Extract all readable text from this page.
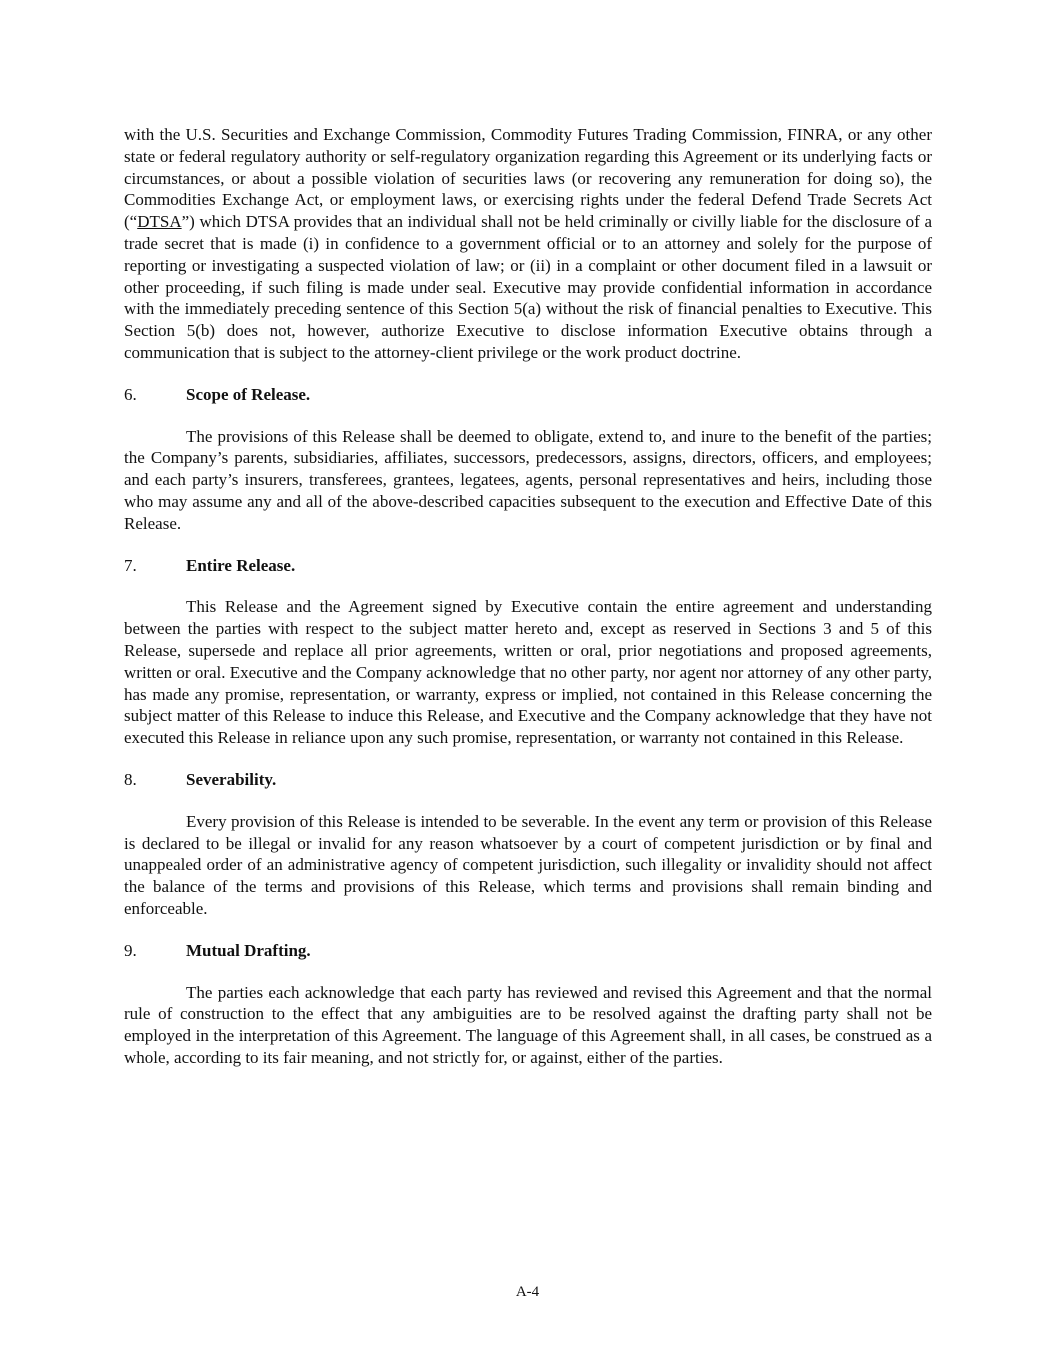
with the U.S. Securities and Exchange Commission, Commodity Futures Trading Commission, FINRA, or any other state or federal regulatory authority or self-regulatory organization regarding this Agreement or its underlying facts or circumstances, or about a possible violation of securities laws (or recovering any remuneration for doing so), the Commodities Exchange Act, or employment laws, or exercising rights under the federal Defend Trade Secrets Act (“DTSA”) which DTSA provides that an individual shall not be held criminally or civilly liable for the disclosure of a trade secret that is made (i) in confidence to a government official or to an attorney and solely for the purpose of reporting or investigating a suspected violation of law; or (ii) in a complaint or other document filed in a lawsuit or other proceeding, if such filing is made under seal. Executive may provide confidential information in accordance with the immediately preceding sentence of this Section 5(a) without the risk of financial penalties to Executive. This Section 5(b) does not, however, authorize Executive to disclose information Executive obtains through a communication that is subject to the attorney-client privilege or the work product doctrine.

6.	Scope of Release.

The provisions of this Release shall be deemed to obligate, extend to, and inure to the benefit of the parties; the Company’s parents, subsidiaries, affiliates, successors, predecessors, assigns, directors, officers, and employees; and each party’s insurers, transferees, grantees, legatees, agents, personal representatives and heirs, including those who may assume any and all of the above-described capacities subsequent to the execution and Effective Date of this Release.

7.	Entire Release.

This Release and the Agreement signed by Executive contain the entire agreement and understanding between the parties with respect to the subject matter hereto and, except as reserved in Sections 3 and 5 of this Release, supersede and replace all prior agreements, written or oral, prior negotiations and proposed agreements, written or oral. Executive and the Company acknowledge that no other party, nor agent nor attorney of any other party, has made any promise, representation, or warranty, express or implied, not contained in this Release concerning the subject matter of this Release to induce this Release, and Executive and the Company acknowledge that they have not executed this Release in reliance upon any such promise, representation, or warranty not contained in this Release.

8.	Severability.

Every provision of this Release is intended to be severable. In the event any term or provision of this Release is declared to be illegal or invalid for any reason whatsoever by a court of competent jurisdiction or by final and unappealed order of an administrative agency of competent jurisdiction, such illegality or invalidity should not affect the balance of the terms and provisions of this Release, which terms and provisions shall remain binding and enforceable.

9.	Mutual Drafting.

The parties each acknowledge that each party has reviewed and revised this Agreement and that the normal rule of construction to the effect that any ambiguities are to be resolved against the drafting party shall not be employed in the interpretation of this Agreement. The language of this Agreement shall, in all cases, be construed as a whole, according to its fair meaning, and not strictly for, or against, either of the parties.

A-4
